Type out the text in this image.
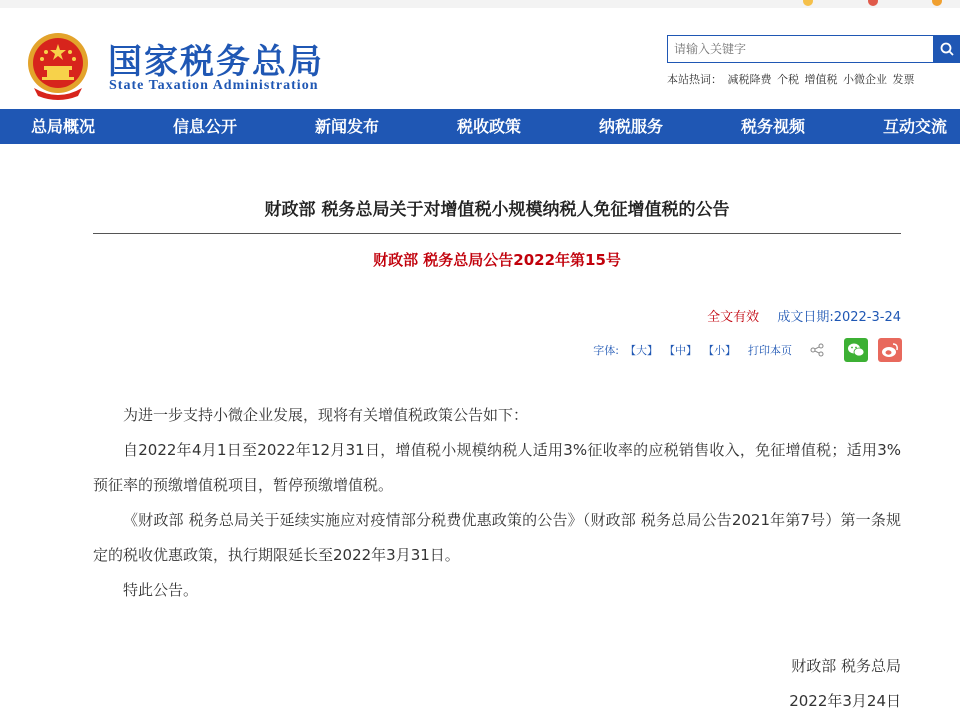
国家税务总局
State Taxation Administration
请输入关键字	本站热词： 减税降费 个税 增值税 小微企业 发票
总局概况	信息公开	新闻发布	税收政策	纳税服务	税务视频	互动交流
财政部 税务总局关于对增值税小规模纳税人免征增值税的公告
财政部 税务总局公告2022年第15号
全文有效 成文日期:2022-3-24
字体: 【大】 【中】 【小】 打印本页

为进一步支持小微企业发展，现将有关增值税政策公告如下：

自2022年4月1日至2022年12月31日，增值税小规模纳税人适用3%征收率的应税销售收入，免征增值税；适用3%预征率的预缴增值税项目，暂停预缴增值税。

《财政部 税务总局关于延续实施应对疫情部分税费优惠政策的公告》（财政部 税务总局公告2021年第7号）第一条规定的税收优惠政策，执行期限延长至2022年3月31日。

特此公告。

财政部 税务总局
2022年3月24日
